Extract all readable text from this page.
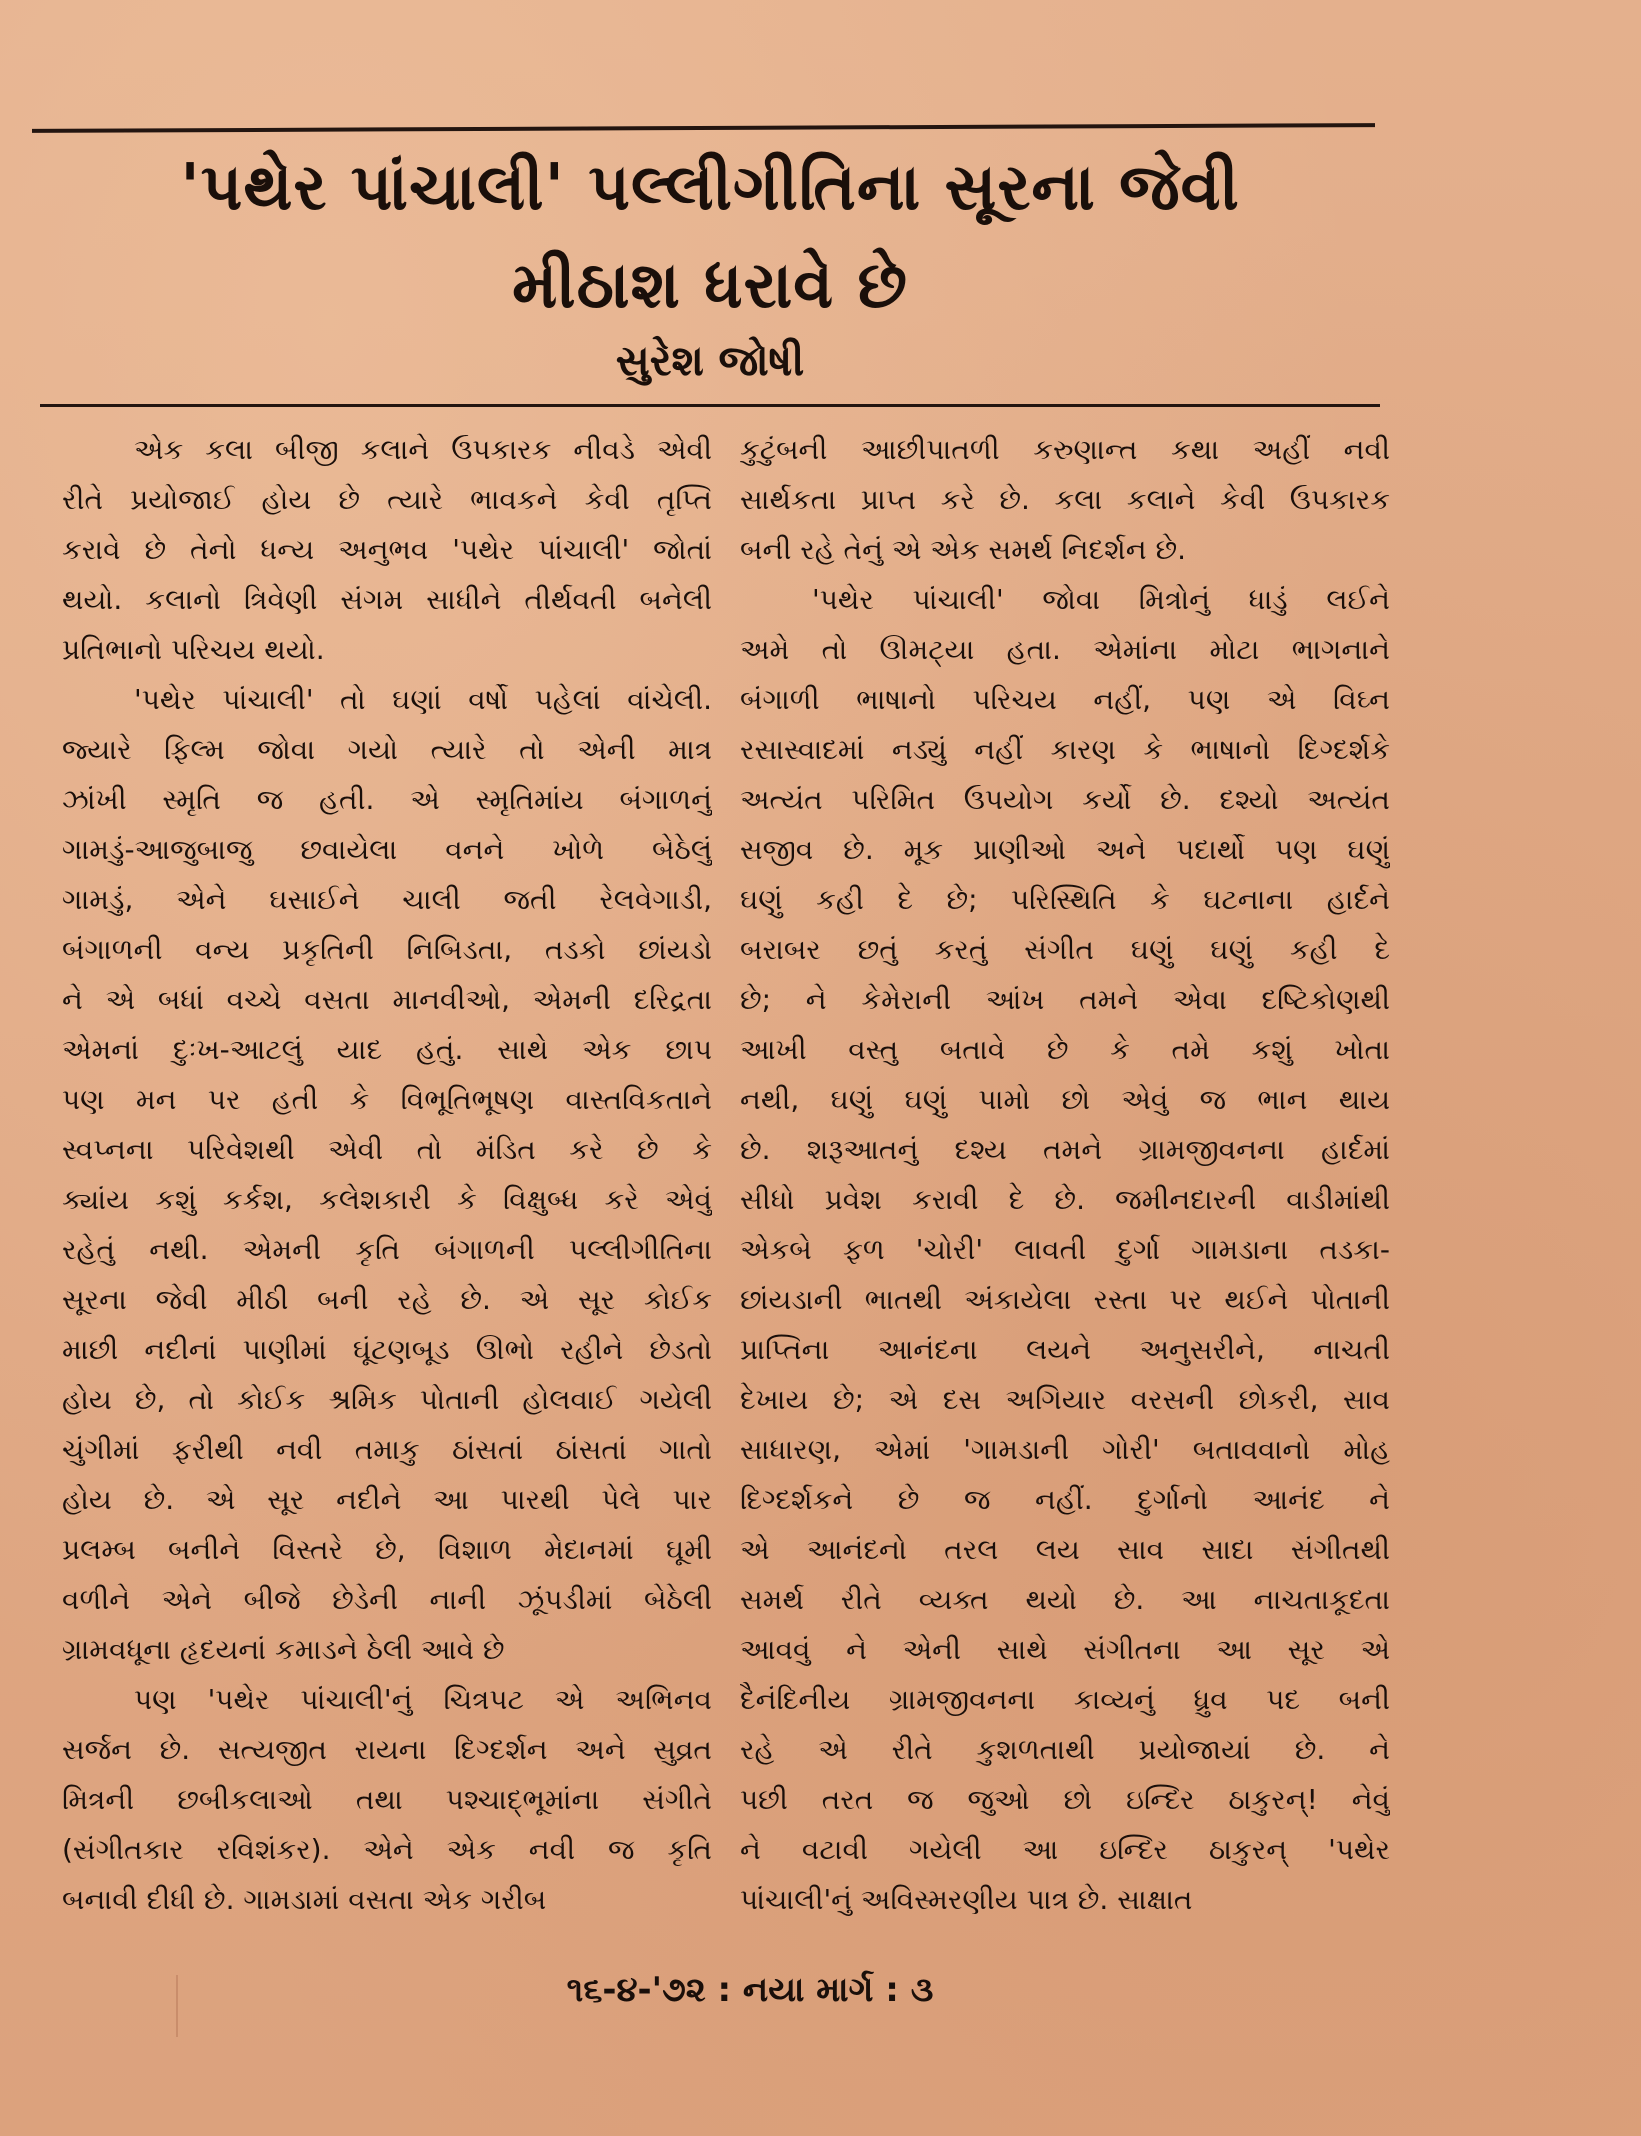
'પથેર પાંચાલી' પલ્લીગીતિના સૂરના જેવી
મીઠાશ ધરાવે છે
સુરેશ જોષી
એક કલા બીજી કલાને ઉપકારક નીવડે એવી
રીતે પ્રયોજાઈ હોય છે ત્યારે ભાવકને કેવી તૃપ્તિ
કરાવે છે તેનો ધન્ય અનુભવ 'પથેર પાંચાલી' જોતાં
થયો. કલાનો ત્રિવેણી સંગમ સાધીને તીર્થવતી બનેલી
પ્રતિભાનો પરિચય થયો.
'પથેર પાંચાલી' તો ઘણાં વર્ષો પહેલાં વાંચેલી.
જ્યારે ફિલ્મ જોવા ગયો ત્યારે તો એની માત્ર
ઝાંખી સ્મૃતિ જ હતી. એ સ્મૃતિમાંય બંગાળનું
ગામડું-આજુબાજુ છવાયેલા વનને ખોળે બેઠેલું
ગામડું, એને ઘસાઈને ચાલી જતી રેલવેગાડી,
બંગાળની વન્ય પ્રકૃતિની નિબિડતા, તડકો છાંયડો
ને એ બધાં વચ્ચે વસતા માનવીઓ, એમની દરિદ્રતા
એમનાં દુઃખ-આટલું યાદ હતું. સાથે એક છાપ
પણ મન પર હતી કે વિભૂતિભૂષણ વાસ્તવિકતાને
સ્વપ્નના પરિવેશથી એવી તો મંડિત કરે છે કે
ક્યાંય કશું કર્કશ, કલેશકારી કે વિક્ષુબ્ધ કરે એવું
રહેતું નથી. એમની કૃતિ બંગાળની પલ્લીગીતિના
સૂરના જેવી મીઠી બની રહે છે. એ સૂર કોઈક
માછી નદીનાં પાણીમાં ઘૂંટણબૂડ ઊભો રહીને છેડતો
હોય છે, તો કોઈક શ્રમિક પોતાની હોલવાઈ ગયેલી
ચુંગીમાં ફરીથી નવી તમાકુ ઠાંસતાં ઠાંસતાં ગાતો
હોય છે. એ સૂર નદીને આ પારથી પેલે પાર
પ્રલમ્બ બનીને વિસ્તરે છે, વિશાળ મેદાનમાં ઘૂમી
વળીને એને બીજે છેડેની નાની ઝૂંપડીમાં બેઠેલી
ગ્રામવધૂના હૃદયનાં કમાડને ઠેલી આવે છે
પણ 'પથેર પાંચાલી'નું ચિત્રપટ એ અભિનવ
સર્જન છે. સત્યજીત રાયના દિગ્દર્શન અને સુવ્રત
મિત્રની છબીકલાઓ તથા પશ્ચાદ્ભૂમાંના સંગીતે
(સંગીતકાર રવિશંકર). એને એક નવી જ કૃતિ
બનાવી દીધી છે. ગામડામાં વસતા એક ગરીબ
કુટુંબની આછીપાતળી કરુણાન્ત કથા અહીં નવી
સાર્થકતા પ્રાપ્ત કરે છે. કલા કલાને કેવી ઉપકારક
બની રહે તેનું એ એક સમર્થ નિદર્શન છે.
'પથેર પાંચાલી' જોવા મિત્રોનું ધાડું લઈને
અમે તો ઊમટ્યા હતા. એમાંના મોટા ભાગનાને
બંગાળી ભાષાનો પરિચય નહીં, પણ એ વિઘ્ન
રસાસ્વાદમાં નડ્યું નહીં કારણ કે ભાષાનો દિગ્દર્શકે
અત્યંત પરિમિત ઉપયોગ કર્યો છે. દશ્યો અત્યંત
સજીવ છે. મૂક પ્રાણીઓ અને પદાર્થો પણ ઘણું
ઘણું કહી દે છે; પરિસ્થિતિ કે ઘટનાના હાર્દને
બરાબર છતું કરતું સંગીત ઘણું ઘણું કહી દે
છે; ને કેમેરાની આંખ તમને એવા દષ્ટિકોણથી
આખી વસ્તુ બતાવે છે કે તમે કશું ખોતા
નથી, ઘણું ઘણું પામો છો એવું જ ભાન થાય
છે. શરૂઆતનું દશ્ય તમને ગ્રામજીવનના હાર્દમાં
સીધો પ્રવેશ કરાવી દે છે. જમીનદારની વાડીમાંથી
એકબે ફળ 'ચોરી' લાવતી દુર્ગા ગામડાના તડકા-
છાંયડાની ભાતથી અંકાયેલા રસ્તા પર થઈને પોતાની
પ્રાપ્તિના આનંદના લયને અનુસરીને, નાચતી
દેખાય છે; એ દસ અગિયાર વરસની છોકરી, સાવ
સાધારણ, એમાં 'ગામડાની ગોરી' બતાવવાનો મોહ
દિગ્દર્શકને છે જ નહીં. દુર્ગાનો આનંદ ને
એ આનંદનો તરલ લય સાવ સાદા સંગીતથી
સમર્થ રીતે વ્યક્ત થયો છે. આ નાચતાકૂદતા
આવવું ને એની સાથે સંગીતના આ સૂર એ
દૈનંદિનીય ગ્રામજીવનના કાવ્યનું ધ્રુવ પદ બની
રહે એ રીતે કુશળતાથી પ્રયોજાયાં છે. ને
પછી તરત જ જુઓ છો ઇન્દિર ઠાકુરન્! નેવું
ને વટાવી ગયેલી આ ઇન્દિર ઠાકુરન્ 'પથેર
પાંચાલી'નું અવિસ્મરણીય પાત્ર છે. સાક્ષાત
૧૬-૪-'૭૨ : નયા માર્ગ : ૩
